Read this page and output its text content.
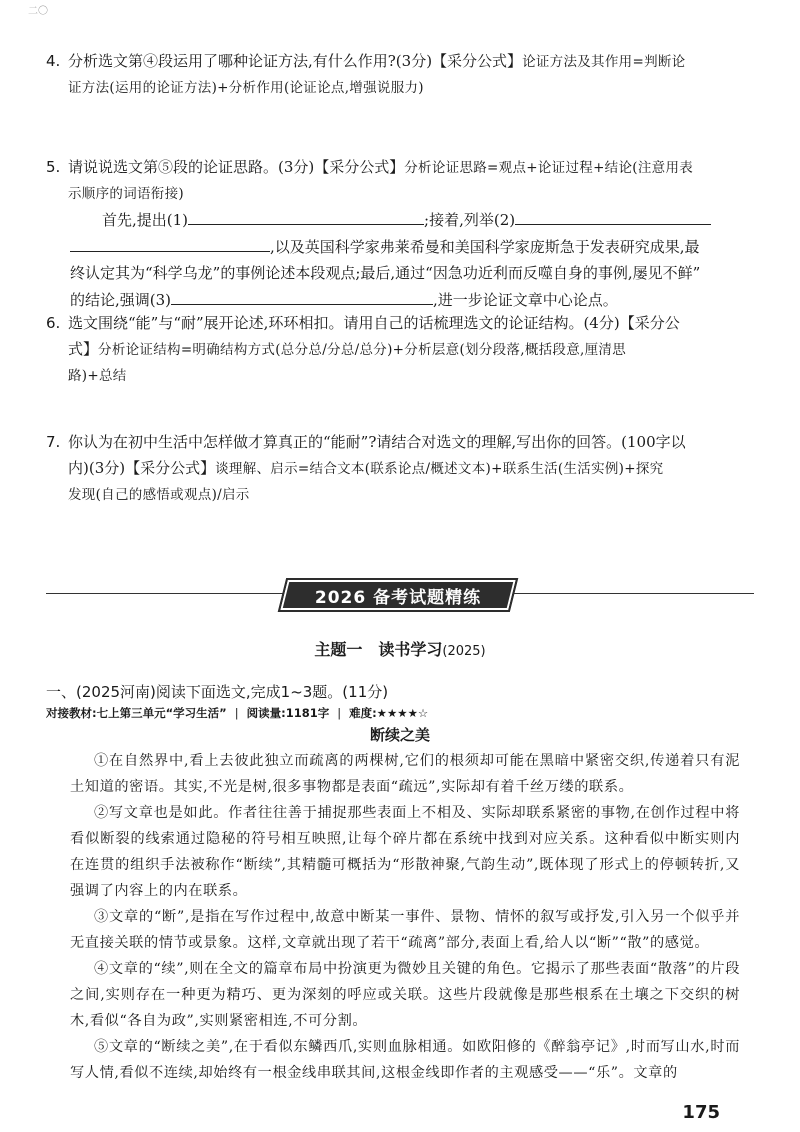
二〇
4. 分析选文第④段运用了哪种论证方法,有什么作用?(3分)【采分公式】论证方法及其作用=判断论
证方法(运用的论证方法)+分析作用(论证论点,增强说服力)
5. 请说说选文第⑤段的论证思路。(3分)【采分公式】分析论证思路=观点+论证过程+结论(注意用表
示顺序的词语衔接)
首先,提出(1)	;接着,列举(2)
,以及英国科学家弗莱希曼和美国科学家庞斯急于发表研究成果,最
终认定其为“科学乌龙”的事例论述本段观点;最后,通过“因急功近利而反噬自身的事例,屡见不鲜”
的结论,强调(3)	,进一步论证文章中心论点。
6. 选文围绕“能”与“耐”展开论述,环环相扣。请用自己的话梳理选文的论证结构。(4分)【采分公
式】分析论证结构=明确结构方式(总分总/分总/总分)+分析层意(划分段落,概括段意,厘清思
路)+总结
7. 你认为在初中生活中怎样做才算真正的“能耐”?请结合对选文的理解,写出你的回答。(100字以
内)(3分)【采分公式】谈理解、启示=结合文本(联系论点/概述文本)+联系生活(生活实例)+探究
发现(自己的感悟或观点)/启示
2026 备考试题精练
主题一　读书学习(2025)
一、(2025河南)阅读下面选文,完成1~3题。(11分)
对接教材:七上第三单元“学习生活” | 阅读量:1181字 | 难度:★★★★☆
断续之美

①在自然界中,看上去彼此独立而疏离的两棵树,它们的根须却可能在黑暗中紧密交织,传递着只有泥土知道的密语。其实,不光是树,很多事物都是表面“疏远”,实际却有着千丝万缕的联系。

②写文章也是如此。作者往往善于捕捉那些表面上不相及、实际却联系紧密的事物,在创作过程中将看似断裂的线索通过隐秘的符号相互映照,让每个碎片都在系统中找到对应关系。这种看似中断实则内在连贯的组织手法被称作“断续”,其精髓可概括为“形散神聚,气韵生动”,既体现了形式上的停顿转折,又强调了内容上的内在联系。

③文章的“断”,是指在写作过程中,故意中断某一事件、景物、情怀的叙写或抒发,引入另一个似乎并无直接关联的情节或景象。这样,文章就出现了若干“疏离”部分,表面上看,给人以“断”“散”的感觉。

④文章的“续”,则在全文的篇章布局中扮演更为微妙且关键的角色。它揭示了那些表面“散落”的片段之间,实则存在一种更为精巧、更为深刻的呼应或关联。这些片段就像是那些根系在土壤之下交织的树木,看似“各自为政”,实则紧密相连,不可分割。

⑤文章的“断续之美”,在于看似东鳞西爪,实则血脉相通。如欧阳修的《醉翁亭记》,时而写山水,时而写人情,看似不连续,却始终有一根金线串联其间,这根金线即作者的主观感受——“乐”。文章的

175
